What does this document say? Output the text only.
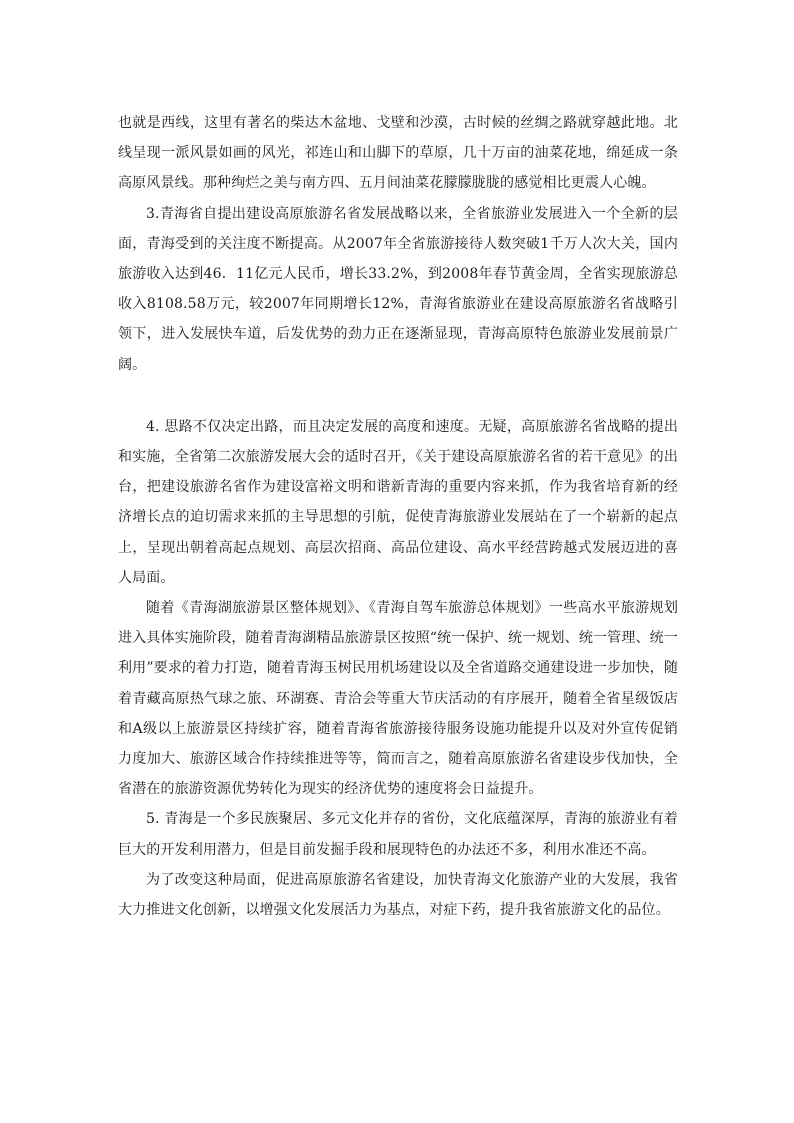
也就是西线，这里有著名的柴达木盆地、戈壁和沙漠，古时候的丝绸之路就穿越此地。北线呈现一派风景如画的风光，祁连山和山脚下的草原，几十万亩的油菜花地，绵延成一条高原风景线。那种绚烂之美与南方四、五月间油菜花朦朦胧胧的感觉相比更震人心魄。

3.青海省自提出建设高原旅游名省发展战略以来，全省旅游业发展进入一个全新的层面，青海受到的关注度不断提高。从2007年全省旅游接待人数突破1千万人次大关，国内旅游收入达到46．11亿元人民币，增长33.2%，到2008年春节黄金周，全省实现旅游总收入8108.58万元，较2007年同期增长12%，青海省旅游业在建设高原旅游名省战略引领下，进入发展快车道，后发优势的劲力正在逐渐显现，青海高原特色旅游业发展前景广阔。

4. 思路不仅决定出路，而且决定发展的高度和速度。无疑，高原旅游名省战略的提出和实施，全省第二次旅游发展大会的适时召开，《关于建设高原旅游名省的若干意见》的出台，把建设旅游名省作为建设富裕文明和谐新青海的重要内容来抓，作为我省培育新的经济增长点的迫切需求来抓的主导思想的引航，促使青海旅游业发展站在了一个崭新的起点上，呈现出朝着高起点规划、高层次招商、高品位建设、高水平经营跨越式发展迈进的喜人局面。

随着《青海湖旅游景区整体规划》、《青海自驾车旅游总体规划》一些高水平旅游规划进入具体实施阶段，随着青海湖精品旅游景区按照“统一保护、统一规划、统一管理、统一利用”要求的着力打造，随着青海玉树民用机场建设以及全省道路交通建设进一步加快，随着青藏高原热气球之旅、环湖赛、青洽会等重大节庆活动的有序展开，随着全省星级饭店和A级以上旅游景区持续扩容，随着青海省旅游接待服务设施功能提升以及对外宣传促销力度加大、旅游区域合作持续推进等等，简而言之，随着高原旅游名省建设步伐加快，全省潜在的旅游资源优势转化为现实的经济优势的速度将会日益提升。

5. 青海是一个多民族聚居、多元文化并存的省份，文化底蕴深厚，青海的旅游业有着巨大的开发利用潜力，但是目前发掘手段和展现特色的办法还不多，利用水准还不高。

为了改变这种局面，促进高原旅游名省建设，加快青海文化旅游产业的大发展，我省大力推进文化创新，以增强文化发展活力为基点，对症下药，提升我省旅游文化的品位。
